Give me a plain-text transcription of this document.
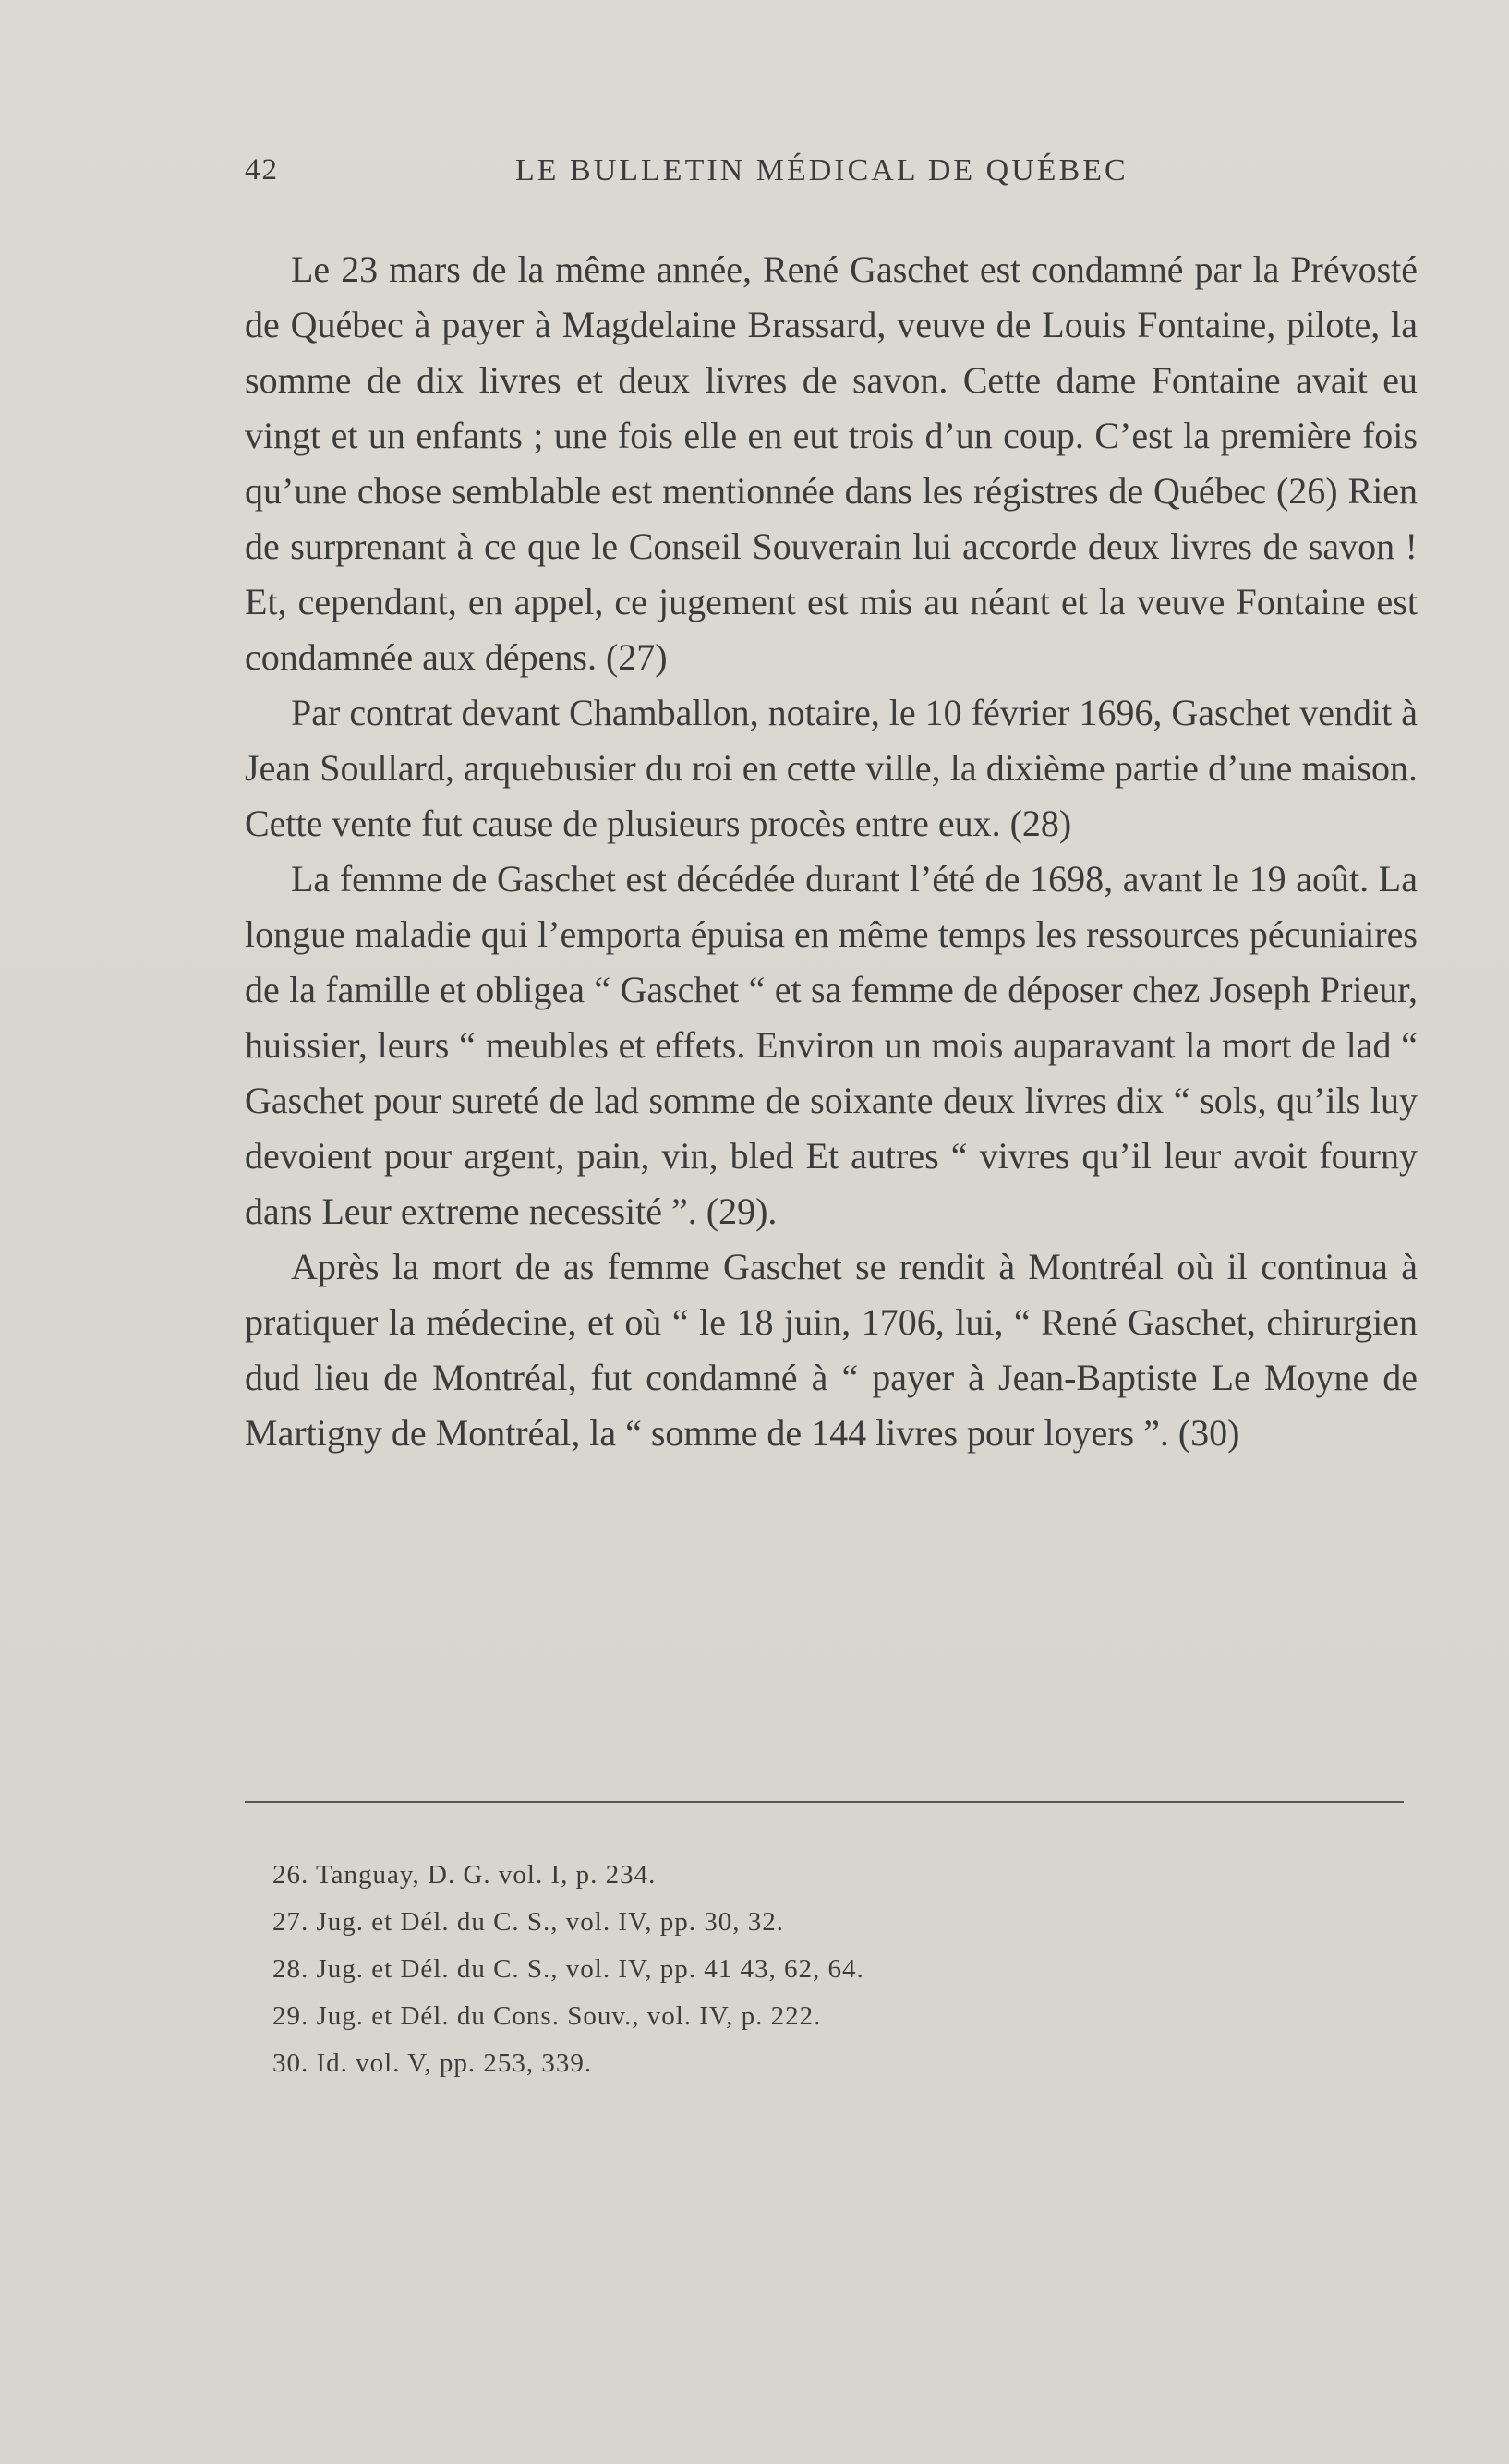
42	LE BULLETIN MÉDICAL DE QUÉBEC

Le 23 mars de la même année, René Gaschet est condamné par la Prévosté de Québec à payer à Magdelaine Brassard, veuve de Louis Fontaine, pilote, la somme de dix livres et deux livres de savon. Cette dame Fontaine avait eu vingt et un enfants ; une fois elle en eut trois d’un coup. C’est la première fois qu’une chose semblable est mentionnée dans les régistres de Québec (26) Rien de surprenant à ce que le Conseil Souverain lui accorde deux livres de savon ! Et, cependant, en appel, ce jugement est mis au néant et la veuve Fontaine est condamnée aux dépens. (27)

Par contrat devant Chamballon, notaire, le 10 février 1696, Gaschet vendit à Jean Soullard, arquebusier du roi en cette ville, la dixième partie d’une maison. Cette vente fut cause de plusieurs procès entre eux. (28)

La femme de Gaschet est décédée durant l’été de 1698, avant le 19 août. La longue maladie qui l’emporta épuisa en même temps les ressources pécuniaires de la famille et obligea “ Gaschet “ et sa femme de déposer chez Joseph Prieur, huissier, leurs “ meubles et effets. Environ un mois auparavant la mort de lad “ Gaschet pour sureté de lad somme de soixante deux livres dix “ sols, qu’ils luy devoient pour argent, pain, vin, bled Et autres “ vivres qu’il leur avoit fourny dans Leur extreme necessité ”. (29).

Après la mort de as femme Gaschet se rendit à Montréal où il continua à pratiquer la médecine, et où “ le 18 juin, 1706, lui, “ René Gaschet, chirurgien dud lieu de Montréal, fut condamné à “ payer à Jean-Baptiste Le Moyne de Martigny de Montréal, la “ somme de 144 livres pour loyers ”. (30)

26. Tanguay, D. G. vol. I, p. 234.
27. Jug. et Dél. du C. S., vol. IV, pp. 30, 32.
28. Jug. et Dél. du C. S., vol. IV, pp. 41 43, 62, 64.
29. Jug. et Dél. du Cons. Souv., vol. IV, p. 222.
30. Id. vol. V, pp. 253, 339.
